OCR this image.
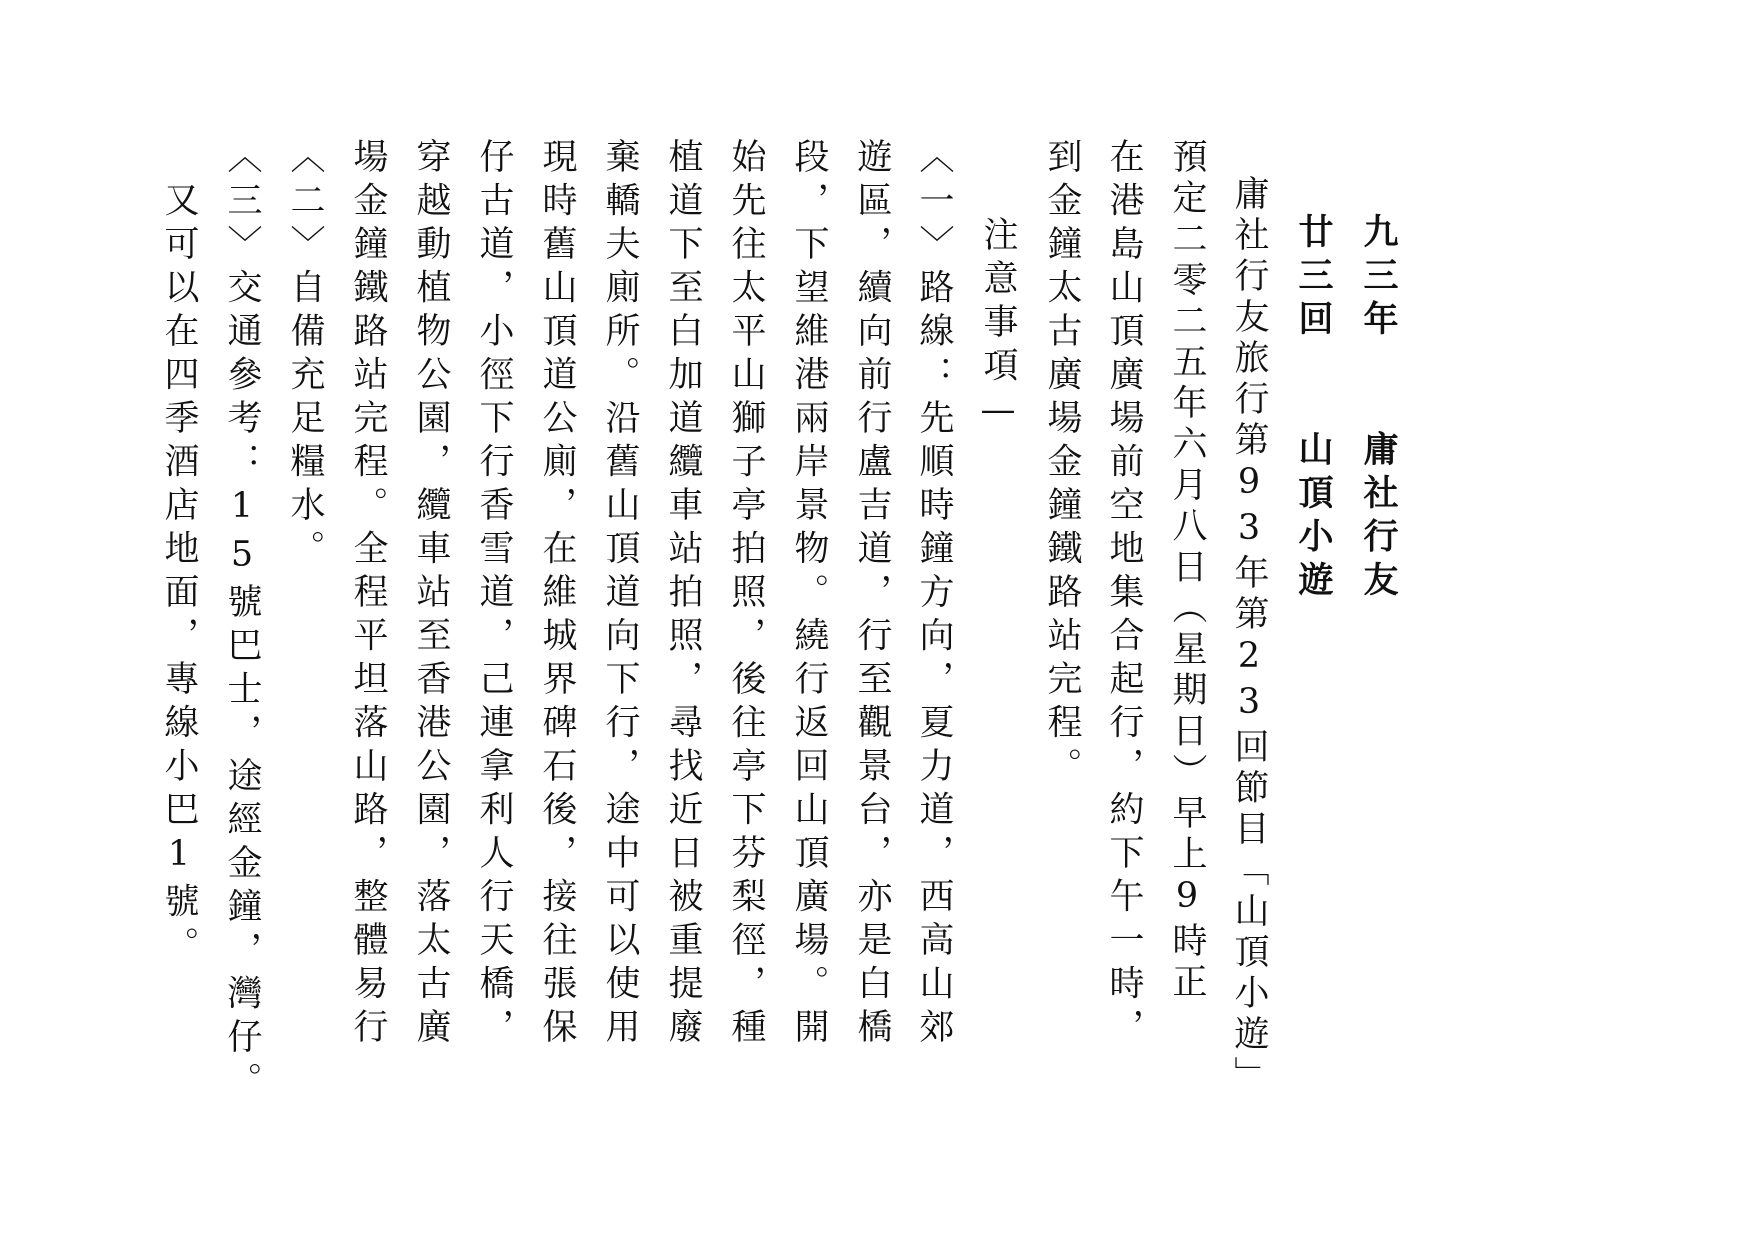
九三年　　庸社行友
廿三回　　山頂小遊
庸社行友旅行第93年第23回節目「山頂小遊」
預定二零二五年六月八日（星期日）早上9時正
在港島山頂廣場前空地集合起行，約下午一時，
到金鐘太古廣場金鐘鐵路站完程。
注意事項—
〈一〉路線：先順時鐘方向，夏力道，西高山郊
遊區，續向前行盧吉道，行至觀景台，亦是白橋
段，下望維港兩岸景物。繞行返回山頂廣場。開
始先往太平山獅子亭拍照，後往亭下芬梨徑，種
植道下至白加道纜車站拍照，尋找近日被重提廢
棄轎夫廁所。沿舊山頂道向下行，途中可以使用
現時舊山頂道公廁，在維城界碑石後，接往張保
仔古道，小徑下行香雪道，己連拿利人行天橋，
穿越動植物公園，纜車站至香港公園，落太古廣
場金鐘鐵路站完程。全程平坦落山路，整體易行
〈二〉自備充足糧水。
〈三〉交通參考：15號巴士，途經金鐘，灣仔。
　又可以在四季酒店地面，專線小巴1號。
